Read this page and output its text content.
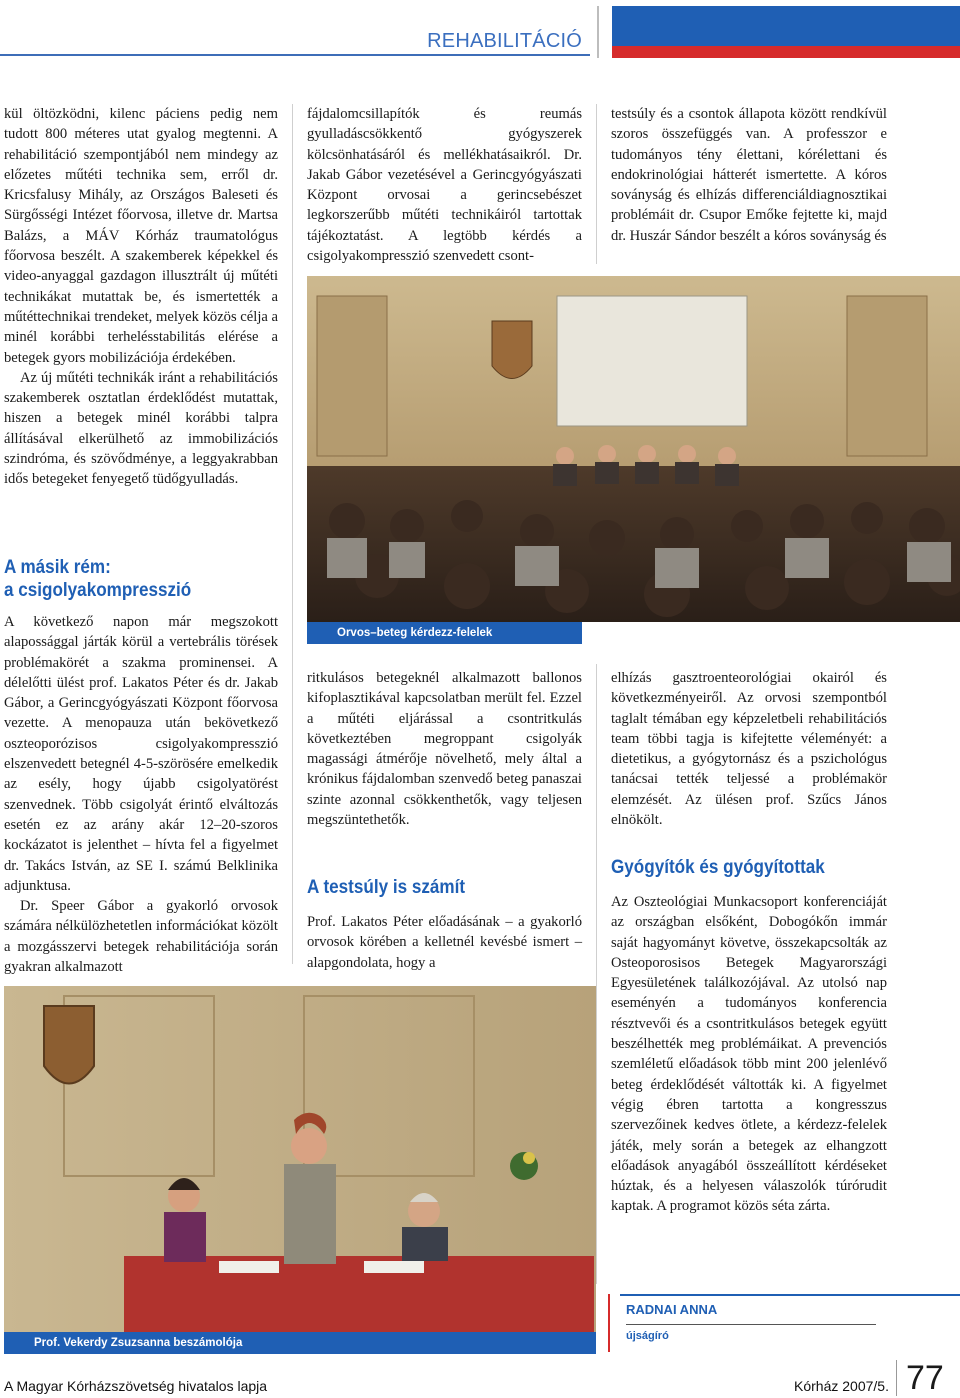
REHABILITÁCIÓ

kül öltözködni, kilenc páciens pedig nem tudott 800 méteres utat gyalog megtenni. A rehabilitáció szempontjából nem mindegy az előzetes műtéti technika sem, erről dr. Kricsfalusy Mihály, az Országos Baleseti és Sürgősségi Intézet főorvosa, illetve dr. Martsa Balázs, a MÁV Kórház traumatológus főorvosa beszélt. A szakemberek képekkel és video-anyaggal gazdagon illusztrált új műtéti technikákat mutattak be, és ismertették a műtéttechnikai trendeket, melyek közös célja a minél korábbi terhelésstabilitás elérése a betegek gyors mobilizációja érdekében.

Az új műtéti technikák iránt a rehabilitációs szakemberek osztatlan érdeklődést mutattak, hiszen a betegek minél korábbi talpra állításával elkerülhető az immobilizációs szindróma, és szövődménye, a leggyakrabban idős betegeket fenyegető tüdőgyulladás.

A másik rém:
a csigolyakompresszió

A következő napon már megszokott alapossággal járták körül a vertebrális törések problémakörét a szakma prominensei. A délelőtti ülést prof. Lakatos Péter és dr. Jakab Gábor, a Gerincgyógyászati Központ főorvosa vezette. A menopauza után bekövetkező oszteoporózisos csigolyakompresszió elszenvedett betegnél 4-5-szörösére emelkedik az esély, hogy újabb csigolyatörést szenvednek. Több csigolyát érintő elváltozás esetén ez az arány akár 12–20-szoros kockázatot is jelenthet – hívta fel a figyelmet dr. Takács István, az SE I. számú Belklinika adjunktusa.

Dr. Speer Gábor a gyakorló orvosok számára nélkülözhetetlen információkat közölt a mozgásszervi betegek rehabilitációja során gyakran alkalmazott

fájdalomcsillapítók és reumás gyulladáscsökkentő gyógyszerek kölcsönhatásáról és mellékhatásaikról. Dr. Jakab Gábor vezetésével a Gerincgyógyászati Központ orvosai a gerincsebészet legkorszerűbb műtéti technikáiról tartottak tájékoztatást. A legtöbb kérdés a csigolyakompresszió szenvedett csont-

testsúly és a csontok állapota között rendkívül szoros összefüggés van. A professzor e tudományos tény élettani, kórélettani és endokrinológiai hátterét ismertette. A kóros soványság és elhízás differenciáldiagnosztikai problémáit dr. Csupor Emőke fejtette ki, majd dr. Huszár Sándor beszélt a kóros soványság és

Orvos–beteg kérdezz-felelek

ritkulásos betegeknél alkalmazott ballonos kifoplasztikával kapcsolatban merült fel. Ezzel a műtéti eljárással a csontritkulás következtében megroppant csigolyák magassági átmérője növelhető, mely által a krónikus fájdalomban szenvedő beteg panaszai szinte azonnal csökkenthetők, vagy teljesen megszüntethetők.

A testsúly is számít

Prof. Lakatos Péter előadásának – a gyakorló orvosok körében a kelletnél kevésbé ismert – alapgondolata, hogy a

elhízás gasztroenteorológiai okairól és következményeiről. Az orvosi szempontból taglalt témában egy képzeletbeli rehabilitációs team többi tagja is kifejtette véleményét: a dietetikus, a gyógytornász és a pszichológus tanácsai tették teljessé a problémakör elemzését. Az ülésen prof. Szűcs János elnökölt.

Gyógyítók és gyógyítottak

Az Oszteológiai Munkacsoport konferenciáját az országban elsőként, Dobogókőn immár saját hagyományt követve, összekapcsolták az Osteoporosisos Betegek Magyarországi Egyesületének találkozójával. Az utolsó nap eseményén a tudományos konferencia résztvevői és a csontritkulásos betegek együtt beszélhették meg problémáikat. A prevenciós szemléletű előadások több mint 200 jelenlévő beteg érdeklődését váltották ki. A figyelmet végig ébren tartotta a kongresszus szervezőinek kedves ötlete, a kérdezz-felelek játék, mely során a betegek az elhangzott előadások anyagából összeállított kérdéseket húztak, és a helyesen válaszolók túrórudit kaptak. A programot közös séta zárta.

Prof. Vekerdy Zsuzsanna beszámolója
RADNAI ANNA
újságíró
A Magyar Kórházszövetség hivatalos lapja	Kórház 2007/5. 77
